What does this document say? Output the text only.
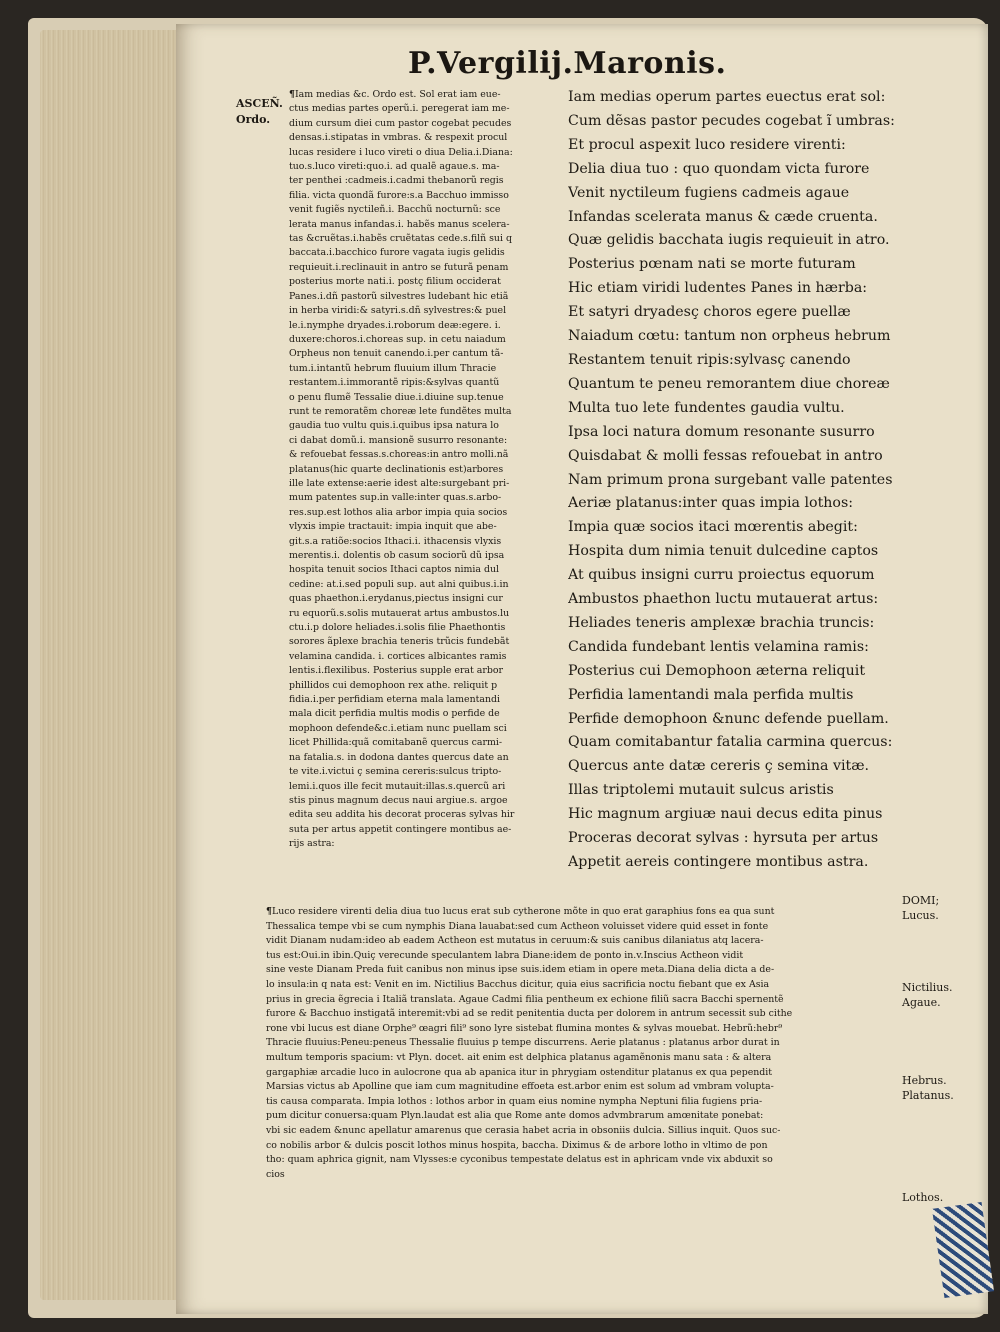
P.Vergilij.Maronis.
ASCEÑ.
Ordo.
¶Iam medias &c. Ordo est. Sol erat iam eue-
ctus medias partes operũ.i. peregerat iam me-
dium cursum diei cum pastor cogebat pecudes
densas.i.stipatas in vmbras. & respexit procul
lucas residere i luco vireti o diua Delia.i.Diana:
tuo.s.luco vireti:quo.i. ad qualẽ agaue.s. ma-
ter penthei :cadmeis.i.cadmi thebanorũ regis
filia. victa quondã furore:s.a Bacchuo immisso
venit fugiẽs nyctileñ.i. Bacchũ nocturnũ: sce
lerata manus infandas.i. habẽs manus scelera-
tas &cruẽtas.i.habẽs cruẽtatas cede.s.filñ sui q
baccata.i.bacchico furore vagata iugis gelidis
requieuit.i.reclinauit in antro se futurã penam
posterius morte nati.i. postç filium occiderat
Panes.i.dñ pastorũ silvestres ludebant hic etiã
in herba viridi:& satyri.s.dñ sylvestres:& puel
le.i.nymphe dryades.i.roborum deæ:egere. i.
duxere:choros.i.choreas sup. in cetu naiadum
Orpheus non tenuit canendo.i.per cantum tã-
tum.i.intantũ hebrum fluuium illum Thracie
restantem.i.immorantẽ ripis:&sylvas quantũ
o penu flumẽ Tessalie diue.i.diuine sup.tenue
runt te remoratẽm choreæ lete fundẽtes multa
gaudia tuo vultu quis.i.quibus ipsa natura lo
ci dabat domũ.i. mansionẽ susurro resonante:
& refouebat fessas.s.choreas:in antro molli.nã
platanus(hic quarte declinationis est)arbores
ille late extense:aerie idest alte:surgebant pri-
mum patentes sup.in valle:inter quas.s.arbo-
res.sup.est lothos alia arbor impia quia socios
vlyxis impie tractauit: impia inquit que abe-
git.s.a ratiõe:socios Ithaci.i. ithacensis vlyxis
merentis.i. dolentis ob casum sociorũ dũ ipsa
hospita tenuit socios Ithaci captos nimia dul
cedine: at.i.sed populi sup. aut alni quibus.i.in
quas phaethon.i.erydanus,piectus insigni cur
ru equorũ.s.solis mutauerat artus ambustos.lu
ctu.i.p dolore heliades.i.solis filie Phaethontis
sorores ãplexe brachia teneris trũcis fundebãt
velamina candida. i. cortices albicantes ramis
lentis.i.flexilibus. Posterius supple erat arbor
phillidos cui demophoon rex athe. reliquit p
fidia.i.per perfidiam eterna mala lamentandi
mala dicit perfidia multis modis o perfide de
mophoon defende&c.i.etiam nunc puellam sci
licet Phillida:quã comitabanẽ quercus carmi-
na fatalia.s. in dodona dantes quercus date an
te vite.i.victui ç semina cereris:sulcus tripto-
lemi.i.quos ille fecit mutauit:illas.s.quercũ ari
stis pinus magnum decus naui argiue.s. argoe
edita seu addita his decorat proceras sylvas hir
suta per artus appetit contingere montibus ae-
rijs astra:
Iam medias operum partes euectus erat sol:
Cum dẽsas pastor pecudes cogebat ĩ umbras:
Et procul aspexit luco residere virenti:
Delia diua tuo : quo quondam victa furore
Venit nyctileum fugiens cadmeis agaue
Infandas scelerata manus & cæde cruenta.
Quæ gelidis bacchata iugis requieuit in atro.
Posterius pœnam nati se morte futuram
Hic etiam viridi ludentes Panes in hærba:
Et satyri dryadesç choros egere puellæ
Naiadum cœtu: tantum non orpheus hebrum
Restantem tenuit ripis:sylvasç canendo
Quantum te peneu remorantem diue choreæ
Multa tuo lete fundentes gaudia vultu.
Ipsa loci natura domum resonante susurro
Quisdabat & molli fessas refouebat in antro
Nam primum prona surgebant valle patentes
Aeriæ platanus:inter quas impia lothos:
Impia quæ socios itaci mœrentis abegit:
Hospita dum nimia tenuit dulcedine captos
At quibus insigni curru proiectus equorum
Ambustos phaethon luctu mutauerat artus:
Heliades teneris amplexæ brachia truncis:
Candida fundebant lentis velamina ramis:
Posterius cui Demophoon æterna reliquit
Perfidia lamentandi mala perfida multis
Perfide demophoon &nunc defende puellam.
Quam comitabantur fatalia carmina quercus:
Quercus ante datæ cereris ç semina vitæ.
Illas triptolemi mutauit sulcus aristis
Hic magnum argiuæ naui decus edita pinus
Proceras decorat sylvas : hyrsuta per artus
Appetit aereis contingere montibus astra.
¶Luco residere virenti delia diua tuo lucus erat sub cytherone mõte in quo erat garaphius fons ea qua sunt
Thessalica tempe vbi se cum nymphis Diana lauabat:sed cum Actheon voluisset videre quid esset in fonte
vidit Dianam nudam:ideo ab eadem Actheon est mutatus in ceruum:& suis canibus dilaniatus atq lacera-
tus est:Oui.in ibin.Quiç verecunde speculantem labra Diane:idem de ponto in.v.Inscius Actheon vidit
sine veste Dianam Preda fuit canibus non minus ipse suis.idem etiam in opere meta.Diana delia dicta a de-
lo insula:in q nata est: Venit en im. Nictilius Bacchus dicitur, quia eius sacrificia noctu fiebant que ex Asia
prius in grecia ẽgrecia i Italiã translata. Agaue Cadmi filia pentheum ex echione filiũ sacra Bacchi spernentẽ
furore & Bacchuo instigatã interemit:vbi ad se redit penitentia ducta per dolorem in antrum secessit sub cithe
rone vbi lucus est diane Orphe⁹ œagri fili⁹ sono lyre sistebat flumina montes & sylvas mouebat. Hebrũ:hebr⁹
Thracie fluuius:Peneu:peneus Thessalie fluuius p tempe discurrens. Aerie platanus : platanus arbor durat in
multum temporis spacium: vt Plyn. docet. ait enim est delphica platanus agamẽnonis manu sata : & altera
gargaphiæ arcadie luco in aulocrone qua ab apanica itur in phrygiam ostenditur platanus ex qua pependit
Marsias victus ab Apolline que iam cum magnitudine effoeta est.arbor enim est solum ad vmbram volupta-
tis causa comparata. Impia lothos : lothos arbor in quam eius nomine nympha Neptuni filia fugiens pria-
pum dicitur conuersa:quam Plyn.laudat est alia que Rome ante domos advmbrarum amœnitate ponebat:
vbi sic eadem &nunc apellatur amarenus que cerasia habet acria in obsoniis dulcia. Sillius inquit. Quos suc-
co nobilis arbor & dulcis poscit lothos minus hospita, baccha. Diximus & de arbore lotho in vltimo de pon
tho: quam aphrica gignit, nam Vlysses:e cyconibus tempestate delatus est in aphricam vnde vix abduxit so
cios
DOMI;
Lucus.
Nictilius.
Agaue.
Hebrus.
Platanus.
Lothos.
